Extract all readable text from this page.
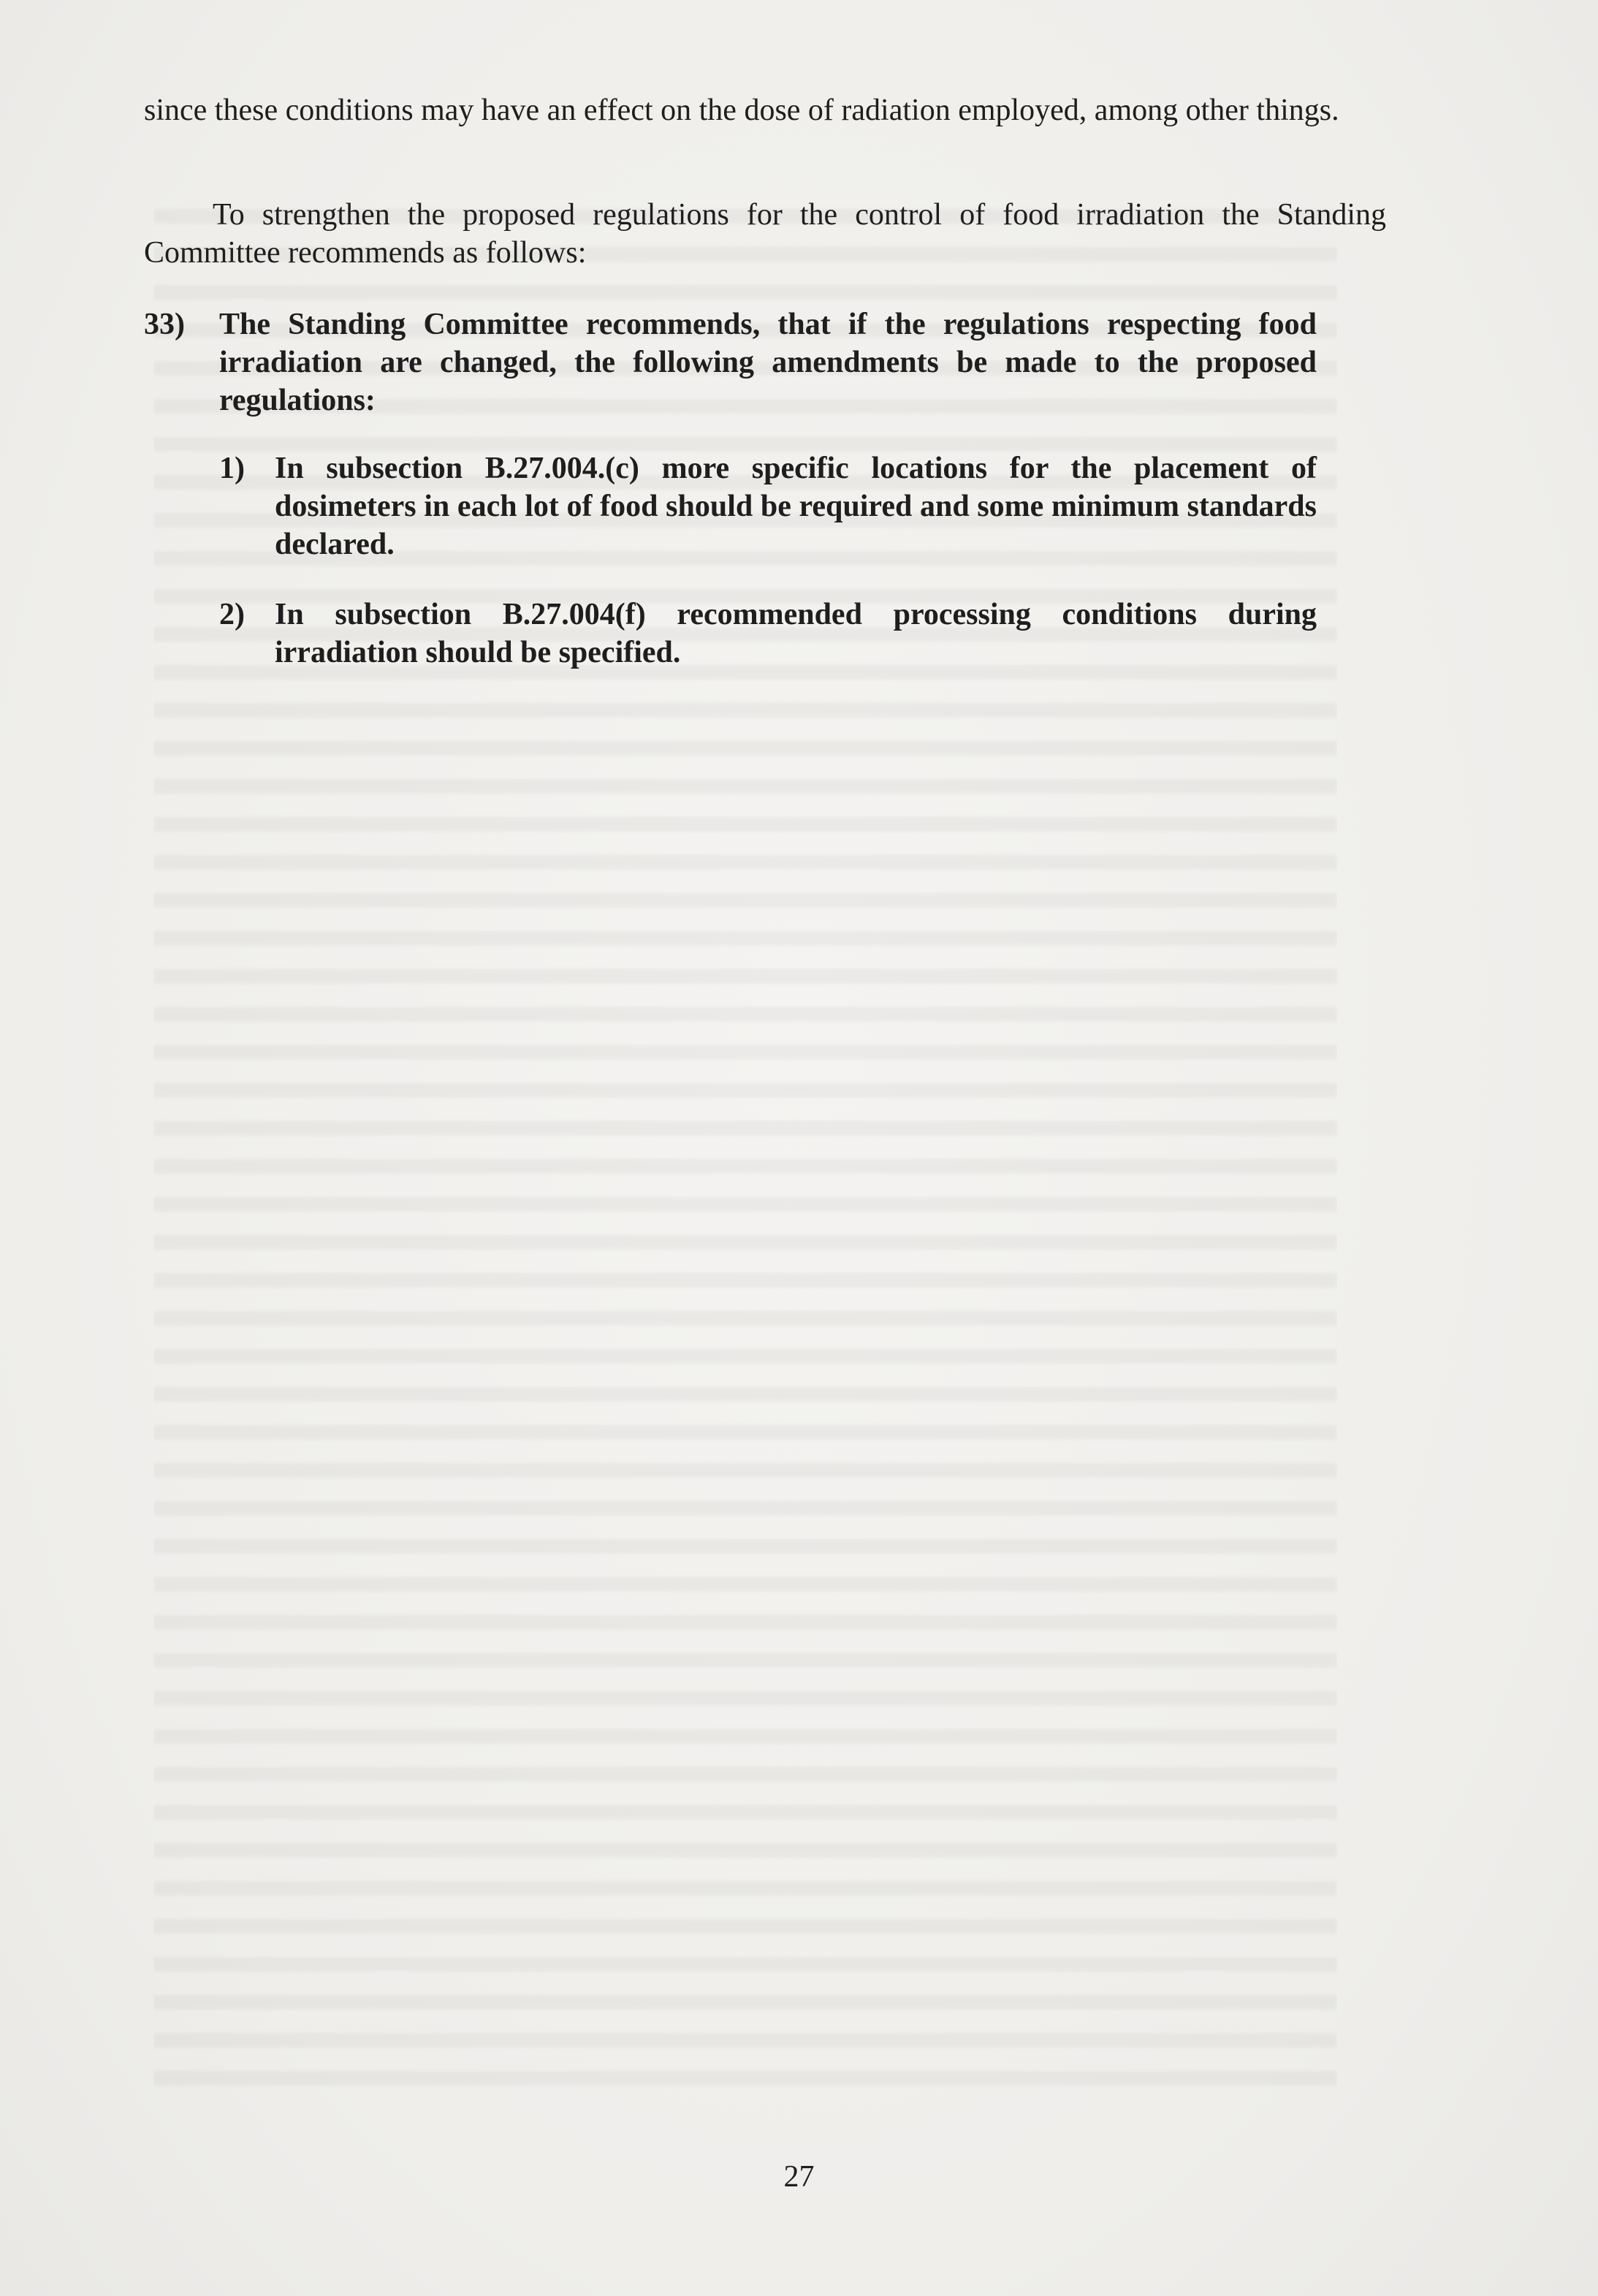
since these conditions may have an effect on the dose of radiation employed, among other things.
To strengthen the proposed regulations for the control of food irradiation the Standing Committee recommends as follows:
33) The Standing Committee recommends, that if the regulations respecting food irradiation are changed, the following amendments be made to the proposed regulations:
1) In subsection B.27.004.(c) more specific locations for the placement of dosimeters in each lot of food should be required and some minimum standards declared.
2) In subsection B.27.004(f) recommended processing conditions during irradiation should be specified.
27
